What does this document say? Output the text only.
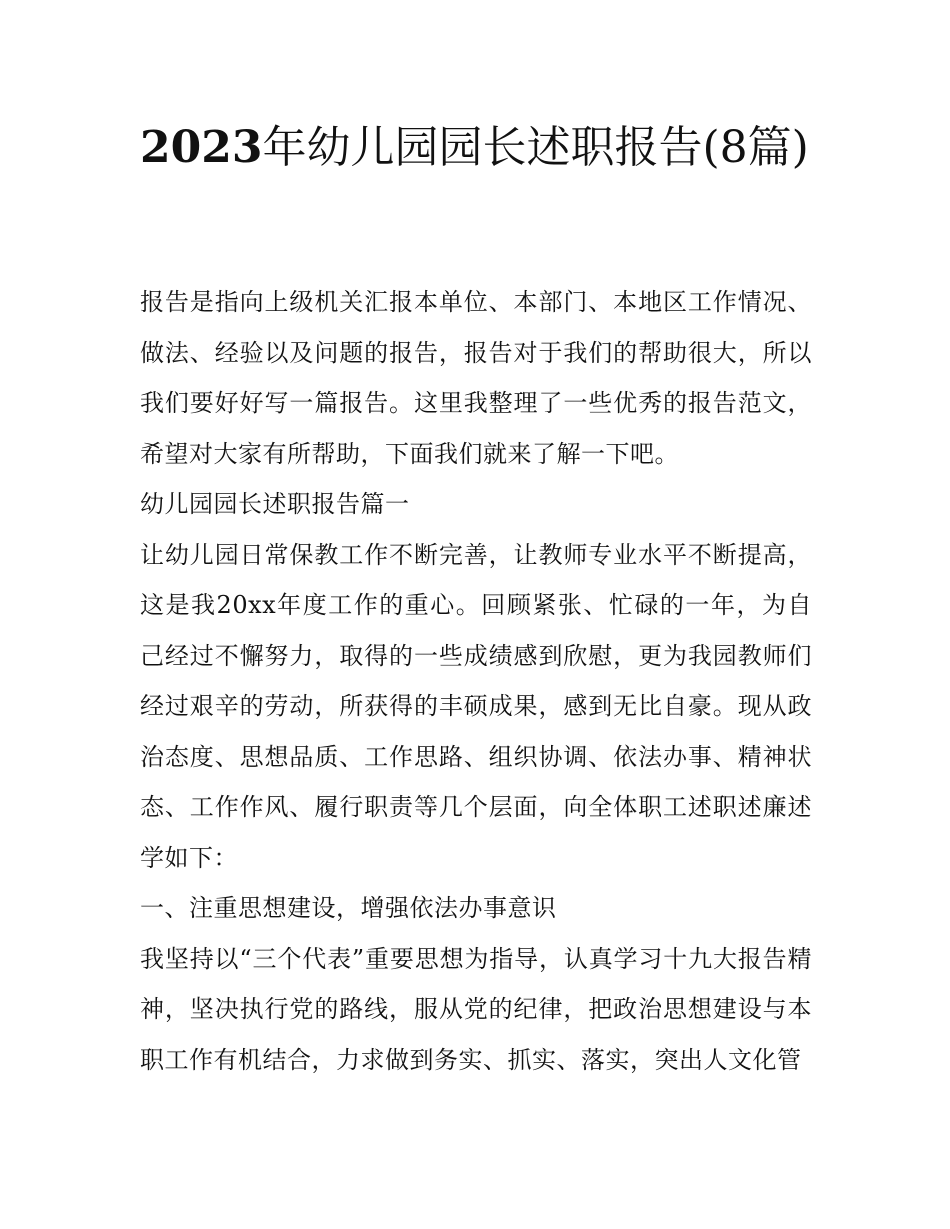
2023年幼儿园园长述职报告(8篇)

报告是指向上级机关汇报本单位、本部门、本地区工作情况、做法、经验以及问题的报告，报告对于我们的帮助很大，所以我们要好好写一篇报告。这里我整理了一些优秀的报告范文，希望对大家有所帮助，下面我们就来了解一下吧。

幼儿园园长述职报告篇一

让幼儿园日常保教工作不断完善，让教师专业水平不断提高，这是我20xx年度工作的重心。回顾紧张、忙碌的一年，为自己经过不懈努力，取得的一些成绩感到欣慰，更为我园教师们经过艰辛的劳动，所获得的丰硕成果，感到无比自豪。现从政治态度、思想品质、工作思路、组织协调、依法办事、精神状态、工作作风、履行职责等几个层面，向全体职工述职述廉述学如下：

一、注重思想建设，增强依法办事意识

我坚持以“三个代表”重要思想为指导，认真学习十九大报告精神，坚决执行党的路线，服从党的纪律，把政治思想建设与本职工作有机结合，力求做到务实、抓实、落实，突出人文化管
